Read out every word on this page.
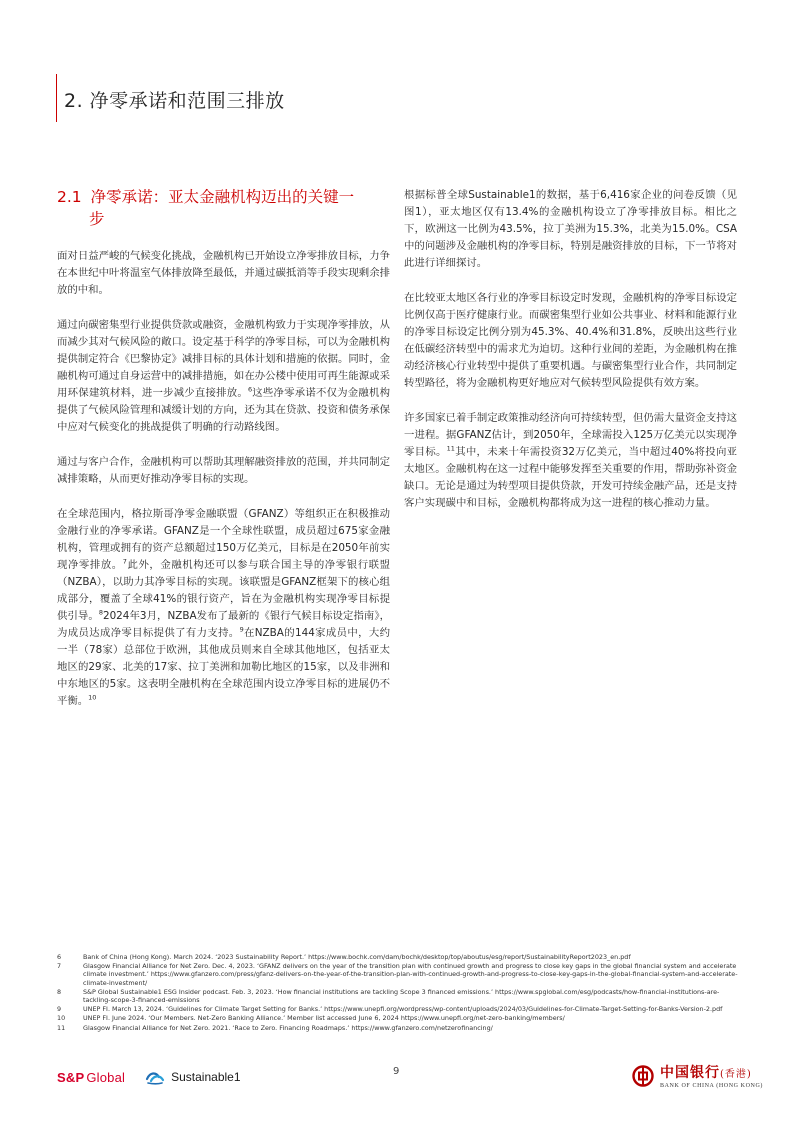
2. 净零承诺和范围三排放
2.1 净零承诺：亚太金融机构迈出的关键一
步

面对日益严峻的气候变化挑战，金融机构已开始设立净零排放目标，力争在本世纪中叶将温室气体排放降至最低，并通过碳抵消等手段实现剩余排放的中和。

通过向碳密集型行业提供贷款或融资，金融机构致力于实现净零排放，从而减少其对气候风险的敞口。设定基于科学的净零目标，可以为金融机构提供制定符合《巴黎协定》减排目标的具体计划和措施的依据。同时，金融机构可通过自身运营中的减排措施，如在办公楼中使用可再生能源或采用环保建筑材料，进一步减少直接排放。$^6$这些净零承诺不仅为金融机构提供了气候风险管理和减缓计划的方向，还为其在贷款、投资和债务承保中应对气候变化的挑战提供了明确的行动路线图。

通过与客户合作，金融机构可以帮助其理解融资排放的范围，并共同制定减排策略，从而更好推动净零目标的实现。

在全球范围内，格拉斯哥净零金融联盟（GFANZ）等组织正在积极推动金融行业的净零承诺。GFANZ是一个全球性联盟，成员超过675家金融机构，管理或拥有的资产总额超过150万亿美元，目标是在2050年前实现净零排放。$^7$此外，金融机构还可以参与联合国主导的净零银行联盟（NZBA），以助力其净零目标的实现。该联盟是GFANZ框架下的核心组成部分，覆盖了全球41%的银行资产，旨在为金融机构实现净零目标提供引导。$^8$2024年3月，NZBA发布了最新的《银行气候目标设定指南》，为成员达成净零目标提供了有力支持。$^9$在NZBA的144家成员中，大约一半（78家）总部位于欧洲，其他成员则来自全球其他地区，包括亚太地区的29家、北美的17家、拉丁美洲和加勒比地区的15家，以及非洲和中东地区的5家。这表明全融机构在全球范围内设立净零目标的进展仍不平衡。$^{10}$

根据标普全球Sustainable1的数据，基于6,416家企业的问卷反馈（见图1），亚太地区仅有13.4%的金融机构设立了净零排放目标。相比之下，欧洲这一比例为43.5%，拉丁美洲为15.3%，北美为15.0%。CSA中的问题涉及金融机构的净零目标，特别是融资排放的目标，下一节将对此进行详细探讨。

在比较亚太地区各行业的净零目标设定时发现，金融机构的净零目标设定比例仅高于医疗健康行业。而碳密集型行业如公共事业、材料和能源行业的净零目标设定比例分别为45.3%、40.4%和31.8%，反映出这些行业在低碳经济转型中的需求尤为迫切。这种行业间的差距，为金融机构在推动经济核心行业转型中提供了重要机遇。与碳密集型行业合作，共同制定转型路径，将为金融机构更好地应对气候转型风险提供有效方案。

许多国家已着手制定政策推动经济向可持续转型，但仍需大量资金支持这一进程。据GFANZ估计，到2050年，全球需投入125万亿美元以实现净零目标。$^{11}$其中，未来十年需投资32万亿美元，当中超过40%将投向亚太地区。金融机构在这一过程中能够发挥至关重要的作用，帮助弥补资金缺口。无论是通过为转型项目提供贷款，开发可持续金融产品，还是支持客户实现碳中和目标，金融机构都将成为这一进程的核心推动力量。

6	Bank of China (Hong Kong). March 2024. ‘2023 Sustainability Report.’ https://www.bochk.com/dam/bochk/desktop/top/aboutus/esg/report/SustainabilityReport2023_en.pdf
7	Glasgow Financial Alliance for Net Zero. Dec. 4, 2023. ‘GFANZ delivers on the year of the transition plan with continued growth and progress to close key gaps in the global financial system and accelerate climate investment.’ https://www.gfanzero.com/press/gfanz-delivers-on-the-year-of-the-transition-plan-with-continued-growth-and-progress-to-close-key-gaps-in-the-global-financial-system-and-accelerate-climate-investment/
8	S&P Global Sustainable1 ESG Insider podcast. Feb. 3, 2023. ‘How financial institutions are tackling Scope 3 financed emissions.’ https://www.spglobal.com/esg/podcasts/how-financial-institutions-are-tackling-scope-3-financed-emissions
9	UNEP FI. March 13, 2024. ‘Guidelines for Climate Target Setting for Banks.’ https://www.unepfi.org/wordpress/wp-content/uploads/2024/03/Guidelines-for-Climate-Target-Setting-for-Banks-Version-2.pdf
10	UNEP FI. June 2024. ‘Our Members. Net-Zero Banking Alliance.’ Member list accessed June 6, 2024 https://www.unepfi.org/net-zero-banking/members/
11	Glasgow Financial Alliance for Net Zero. 2021. ‘Race to Zero. Financing Roadmaps.’ https://www.gfanzero.com/netzerofinancing/
S&P Global	Sustainable1	9	中国银行(香港)
BANK OF CHINA (HONG KONG)
